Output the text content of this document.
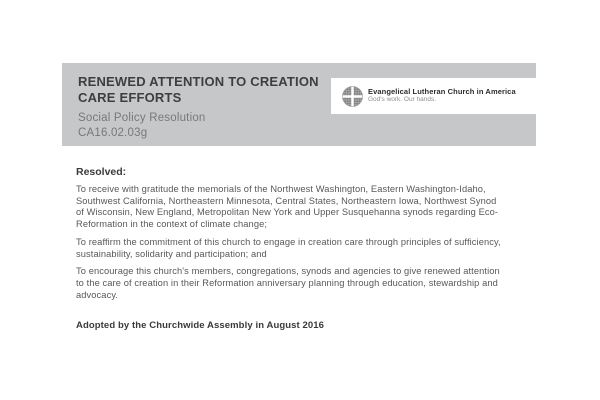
RENEWED ATTENTION TO CREATION
CARE EFFORTS
Social Policy Resolution
CA16.02.03g
Evangelical Lutheran Church in America
God's work. Our hands.
Resolved:

To receive with gratitude the memorials of the Northwest Washington, Eastern Washington-Idaho, Southwest California, Northeastern Minnesota, Central States, Northeastern Iowa, Northwest Synod of Wisconsin, New England, Metropolitan New York and Upper Susquehanna synods regarding Eco-Reformation in the context of climate change;

To reaffirm the commitment of this church to engage in creation care through principles of sufficiency, sustainability, solidarity and participation; and

To encourage this church's members, congregations, synods and agencies to give renewed attention to the care of creation in their Reformation anniversary planning through education, stewardship and advocacy.

Adopted by the Churchwide Assembly in August 2016
